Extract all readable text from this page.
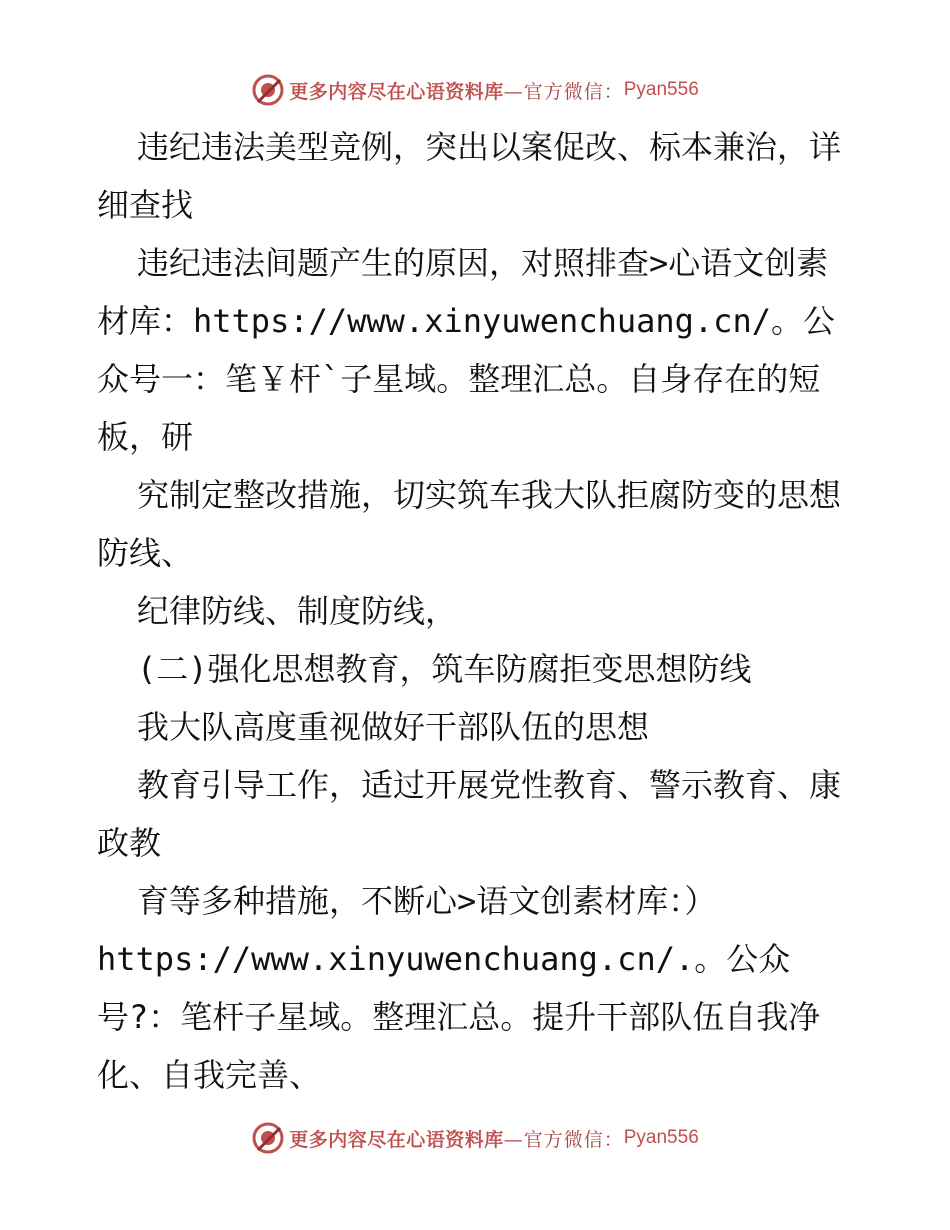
更多内容尽在心语资料库 —官方微信： Pyan556

违纪违法美型竞例，突出以案促改、标本兼治，详细查找

违纪违法间题产生的原因，对照排查>心语文创素材库：https://www.xinyuwenchuang.cn/。公众号一：笔￥杆`子星域。整理汇总。自身存在的短板，研

究制定整改措施，切实筑车我大队拒腐防变的思想防线、

纪律防线、制度防线，

(二)强化思想教育，筑车防腐拒变思想防线

我大队高度重视做好干部队伍的思想

教育引导工作，适过开展党性教育、警示教育、康政教

育等多种措施，不断心>语文创素材库：）https://www.xinyuwenchuang.cn/.。公众号?：笔杆子星域。整理汇总。提升干部队伍自我净化、自我完善、

更多内容尽在心语资料库 —官方微信： Pyan556
